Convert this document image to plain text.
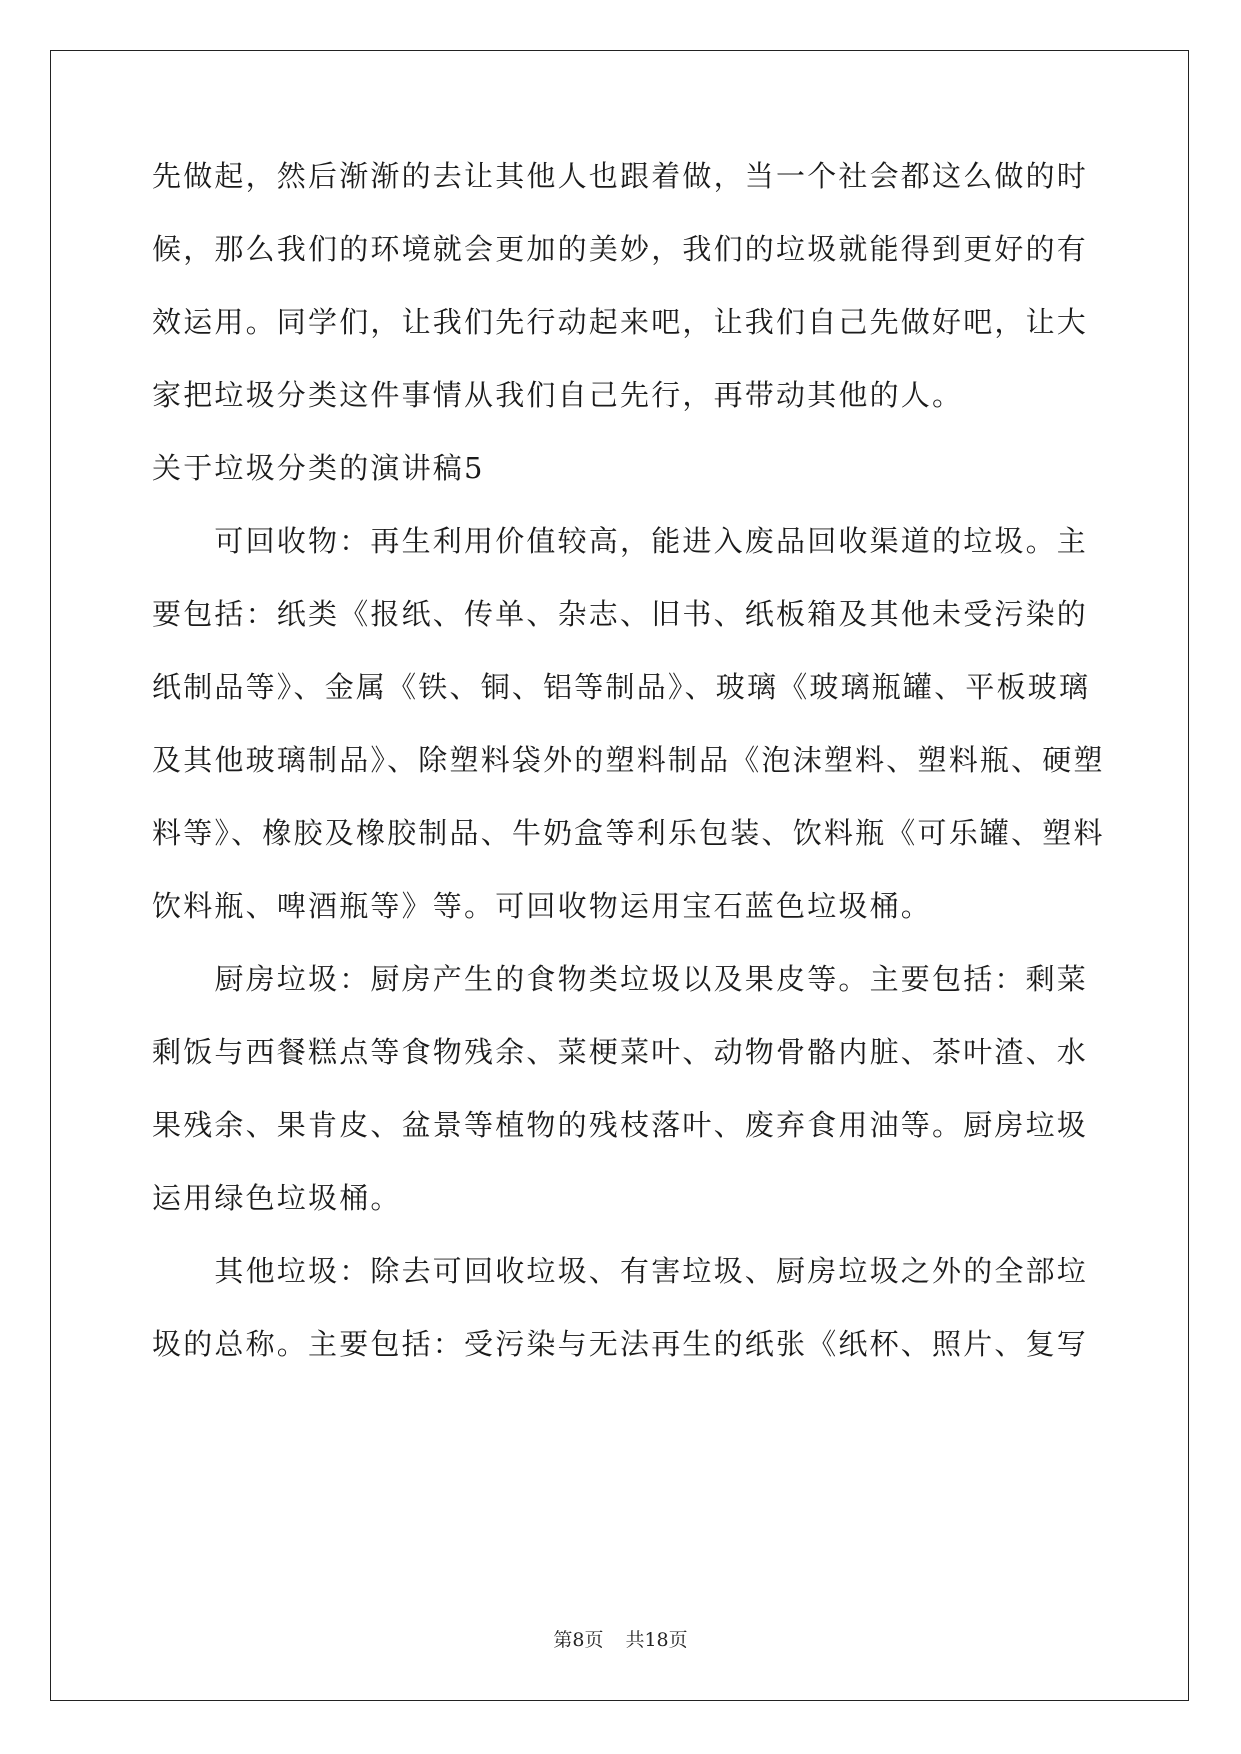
先做起，然后渐渐的去让其他人也跟着做，当一个社会都这么做的时
候，那么我们的环境就会更加的美妙，我们的垃圾就能得到更好的有
效运用。同学们，让我们先行动起来吧，让我们自己先做好吧，让大
家把垃圾分类这件事情从我们自己先行，再带动其他的人。
关于垃圾分类的演讲稿5
　　可回收物：再生利用价值较高，能进入废品回收渠道的垃圾。主
要包括：纸类《报纸、传单、杂志、旧书、纸板箱及其他未受污染的
纸制品等》、金属《铁、铜、铝等制品》、玻璃《玻璃瓶罐、平板玻璃
及其他玻璃制品》、除塑料袋外的塑料制品《泡沫塑料、塑料瓶、硬塑
料等》、橡胶及橡胶制品、牛奶盒等利乐包装、饮料瓶《可乐罐、塑料
饮料瓶、啤酒瓶等》等。可回收物运用宝石蓝色垃圾桶。
　　厨房垃圾：厨房产生的食物类垃圾以及果皮等。主要包括：剩菜
剩饭与西餐糕点等食物残余、菜梗菜叶、动物骨骼内脏、茶叶渣、水
果残余、果肯皮、盆景等植物的残枝落叶、废弃食用油等。厨房垃圾
运用绿色垃圾桶。
　　其他垃圾：除去可回收垃圾、有害垃圾、厨房垃圾之外的全部垃
圾的总称。主要包括：受污染与无法再生的纸张《纸杯、照片、复写
第8页 共18页
